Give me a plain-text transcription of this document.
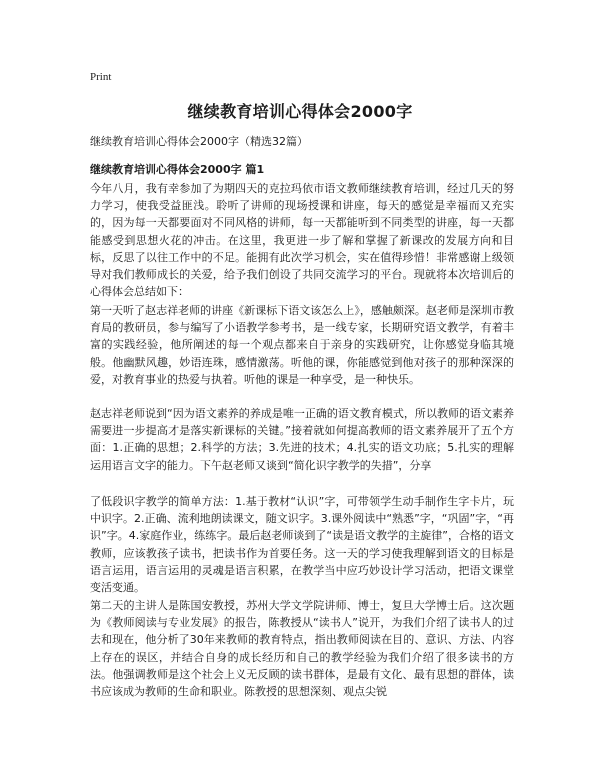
Print
继续教育培训心得体会2000字

继续教育培训心得体会2000字（精选32篇）

继续教育培训心得体会2000字 篇1

今年八月，我有幸参加了为期四天的克拉玛依市语文教师继续教育培训，经过几天的努力学习，使我受益匪浅。聆听了讲师的现场授课和讲座，每天的感觉是幸福而又充实的，因为每一天都要面对不同风格的讲师，每一天都能听到不同类型的讲座，每一天都能感受到思想火花的冲击。在这里，我更进一步了解和掌握了新课改的发展方向和目标，反思了以往工作中的不足。能拥有此次学习机会，实在值得珍惜！非常感谢上级领导对我们教师成长的关爱，给予我们创设了共同交流学习的平台。现就将本次培训后的心得体会总结如下：

第一天听了赵志祥老师的讲座《新课标下语文该怎么上》，感触颇深。赵老师是深圳市教育局的教研员，参与编写了小语教学参考书，是一线专家，长期研究语文教学，有着丰富的实践经验，他所阐述的每一个观点都来自于亲身的实践研究，让你感觉身临其境般。他幽默风趣，妙语连珠，感情激荡。听他的课，你能感觉到他对孩子的那种深深的爱，对教育事业的热爱与执着。听他的课是一种享受，是一种快乐。

赵志祥老师说到“因为语文素养的养成是唯一正确的语文教育模式，所以教师的语文素养需要进一步提高才是落实新课标的关键。”接着就如何提高教师的语文素养展开了五个方面：1.正确的思想；2.科学的方法；3.先进的技术；4.扎实的语文功底；5.扎实的理解运用语言文字的能力。下午赵老师又谈到“简化识字教学的失措”，分享

了低段识字教学的简单方法：1.基于教材“认识”字，可带领学生动手制作生字卡片，玩中识字。2.正确、流利地朗读课文，随文识字。3.课外阅读中“熟悉”字，“巩固”字，“再识”字。4.家庭作业，练练字。最后赵老师谈到了“读是语文教学的主旋律”，合格的语文教师，应该教孩子读书，把读书作为首要任务。这一天的学习使我理解到语文的目标是语言运用，语言运用的灵魂是语言积累，在教学当中应巧妙设计学习活动，把语文课堂变活变通。

第二天的主讲人是陈国安教授，苏州大学文学院讲师、博士，复旦大学博士后。这次题为《教师阅读与专业发展》的报告，陈教授从“读书人”说开，为我们介绍了读书人的过去和现在，他分析了30年来教师的教育特点，指出教师阅读在目的、意识、方法、内容上存在的误区，并结合自身的成长经历和自己的教学经验为我们介绍了很多读书的方法。他强调教师是这个社会上义无反顾的读书群体，是最有文化、最有思想的群体，读书应该成为教师的生命和职业。陈教授的思想深刻、观点尖锐
